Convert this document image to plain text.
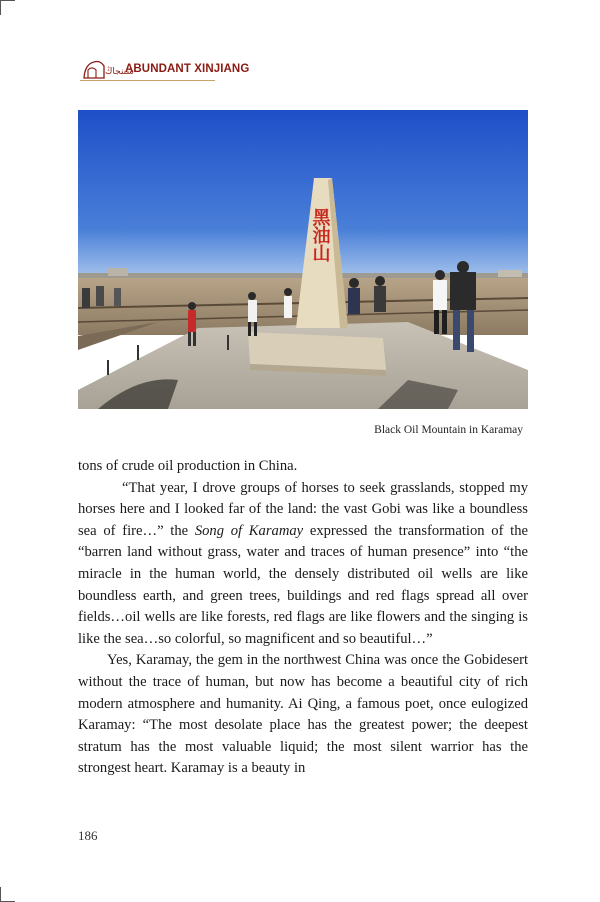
شىنجاڭ
ABUNDANT XINJIANG
黑油山
Black Oil Mountain in Karamay

tons of crude oil production in China.

“That year, I drove groups of horses to seek grasslands, stopped my horses here and I looked far of the land: the vast Gobi was like a boundless sea of fire…” the Song of Karamay expressed the transformation of the “barren land without grass, water and traces of human presence” into “the miracle in the human world, the densely distributed oil wells are like boundless earth, and green trees, buildings and red flags spread all over fields…oil wells are like forests, red flags are like flowers and the singing is like the sea…so colorful, so magnificent and so beautiful…”

Yes, Karamay, the gem in the northwest China was once the Gobidesert without the trace of human, but now has become a beautiful city of rich modern atmosphere and humanity. Ai Qing, a famous poet, once eulogized Karamay: “The most desolate place has the greatest power; the deepest stratum has the most valuable liquid; the most silent warrior has the strongest heart. Karamay is a beauty in

186
